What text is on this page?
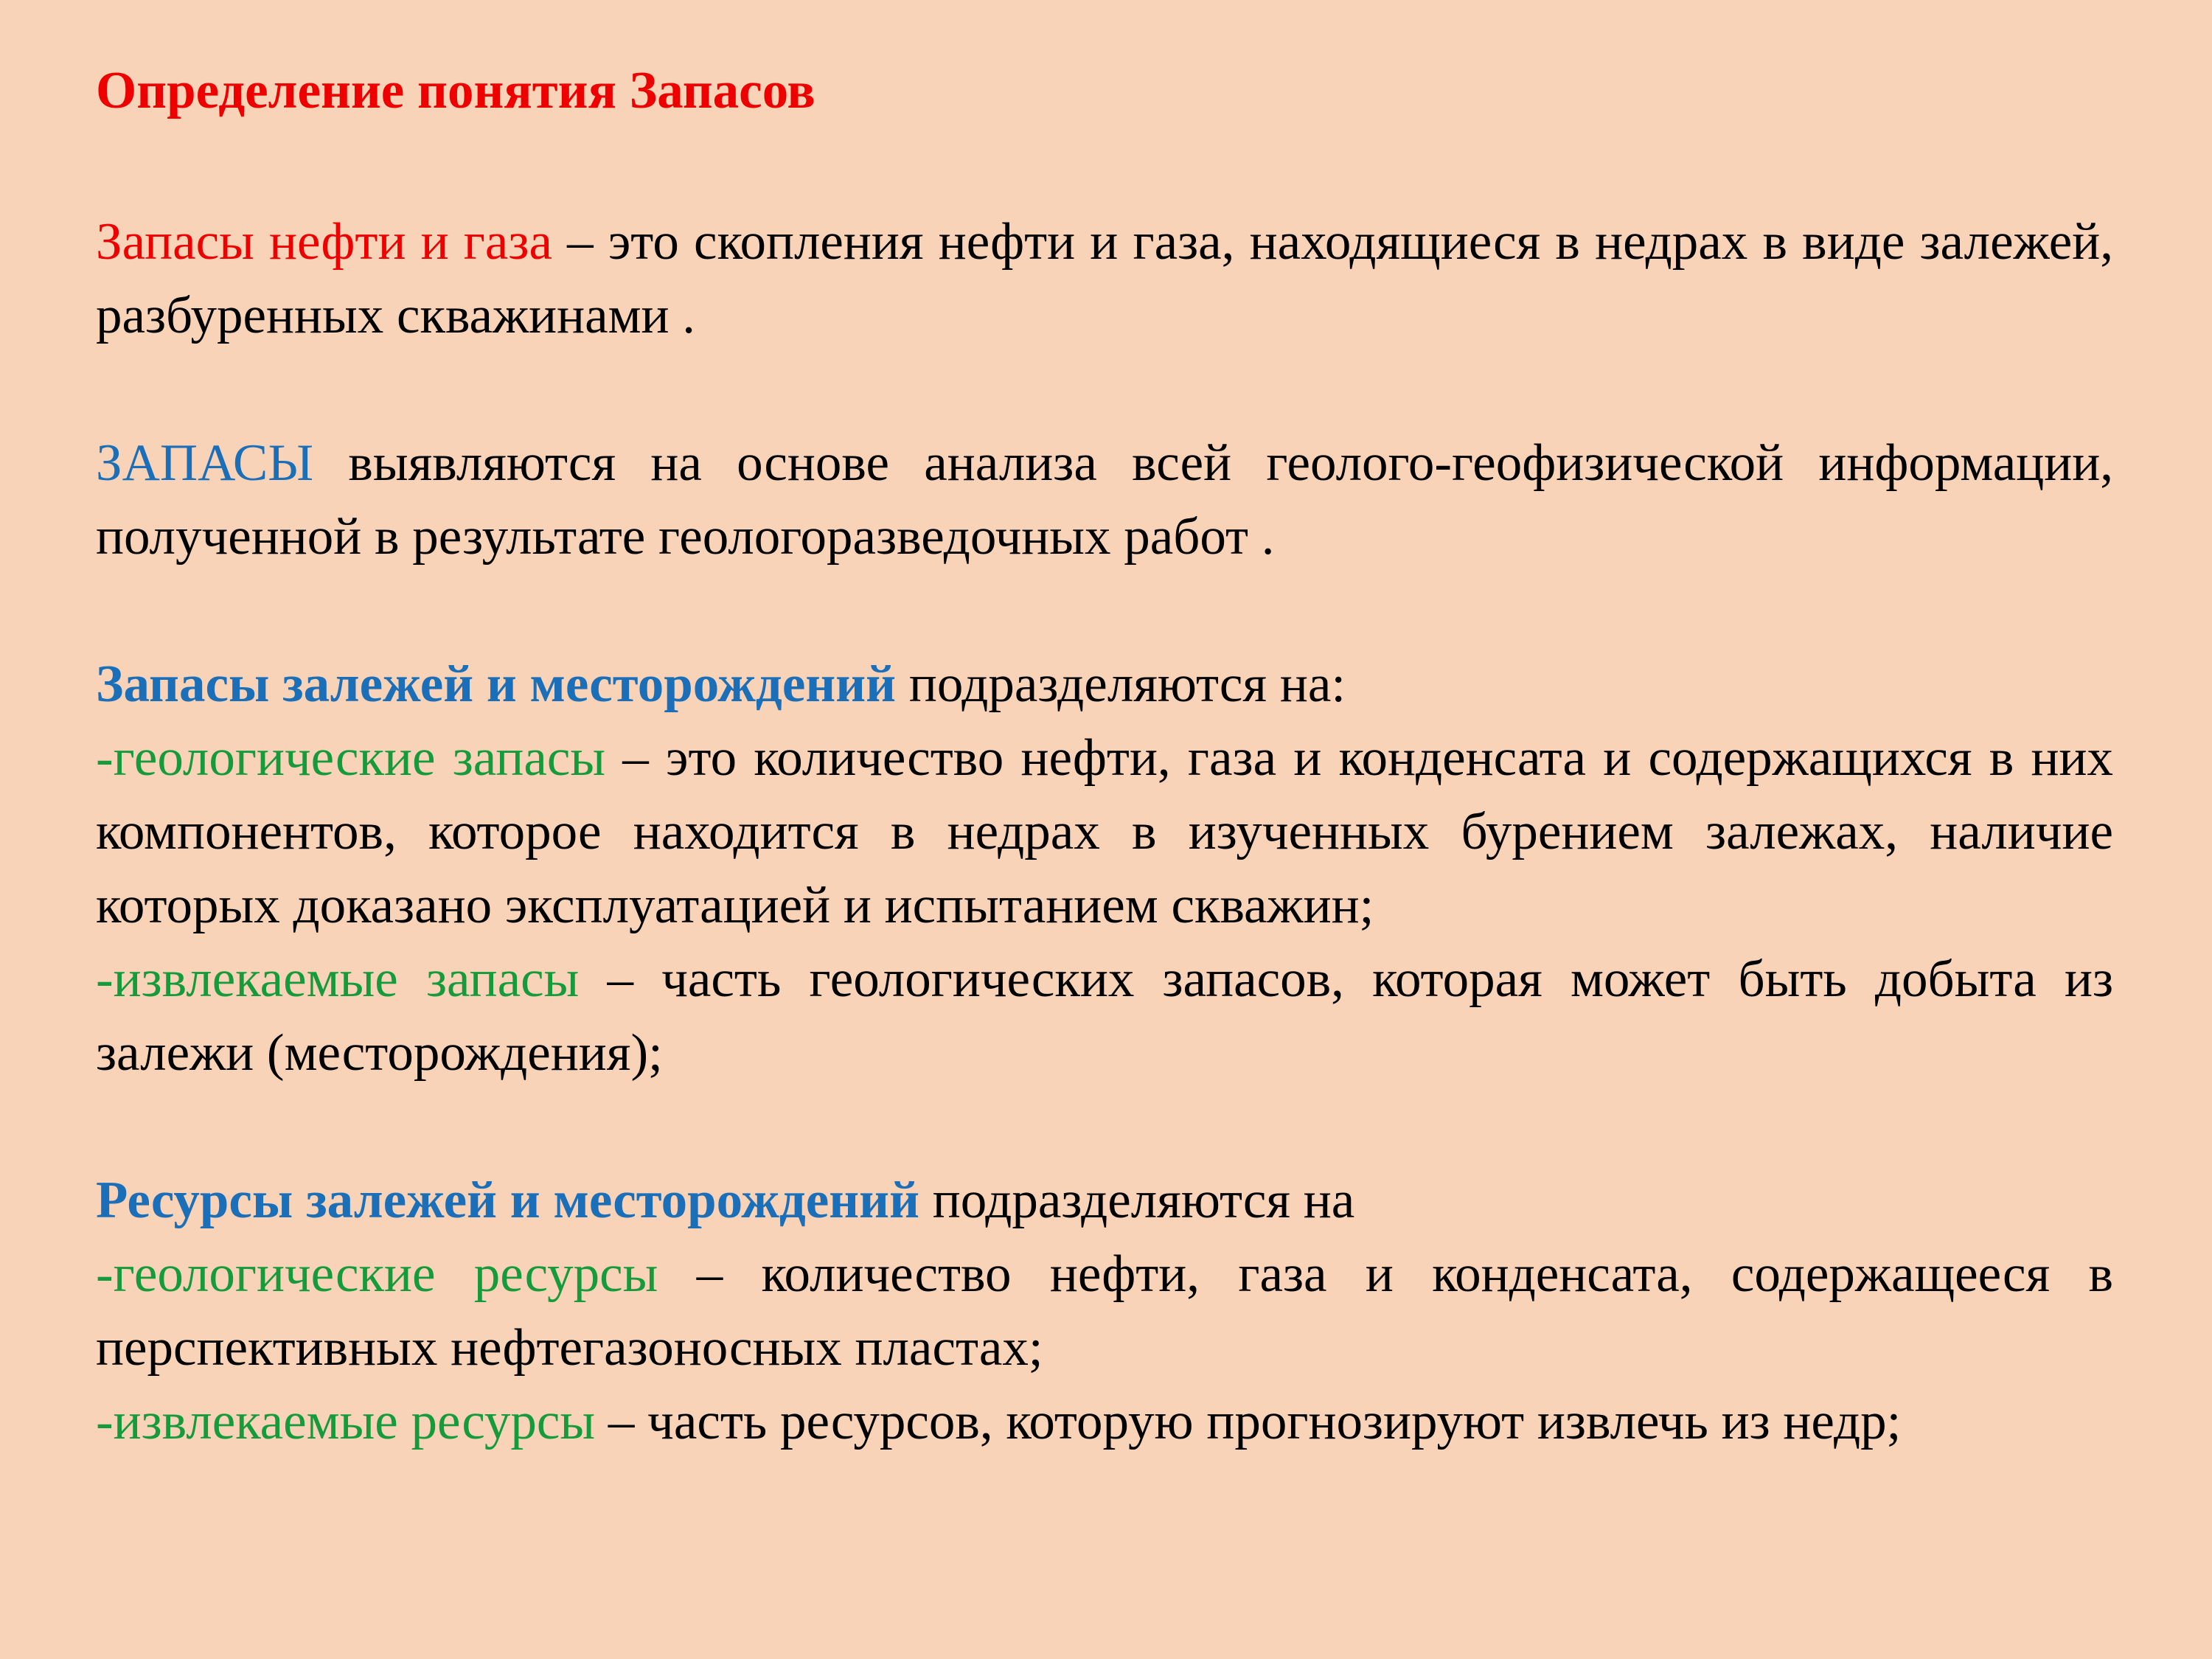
Определение понятия Запасов

Запасы нефти и газа – это скопления нефти и газа, находящиеся в недрах в виде залежей, разбуренных скважинами .

ЗАПАСЫ выявляются на основе анализа всей геолого-геофизической информации, полученной в результате геологоразведочных работ .

Запасы залежей и месторождений подразделяются на:

-геологические запасы – это количество нефти, газа и конденсата и содержащихся в них компонентов, которое находится в недрах в изученных бурением залежах, наличие которых доказано эксплуатацией и испытанием скважин;

-извлекаемые запасы – часть геологических запасов, которая может быть добыта из залежи (месторождения);

Ресурсы залежей и месторождений подразделяются на

-геологические ресурсы – количество нефти, газа и конденсата, содержащееся в перспективных нефтегазоносных пластах;

-извлекаемые ресурсы – часть ресурсов, которую прогнозируют извлечь из недр;
